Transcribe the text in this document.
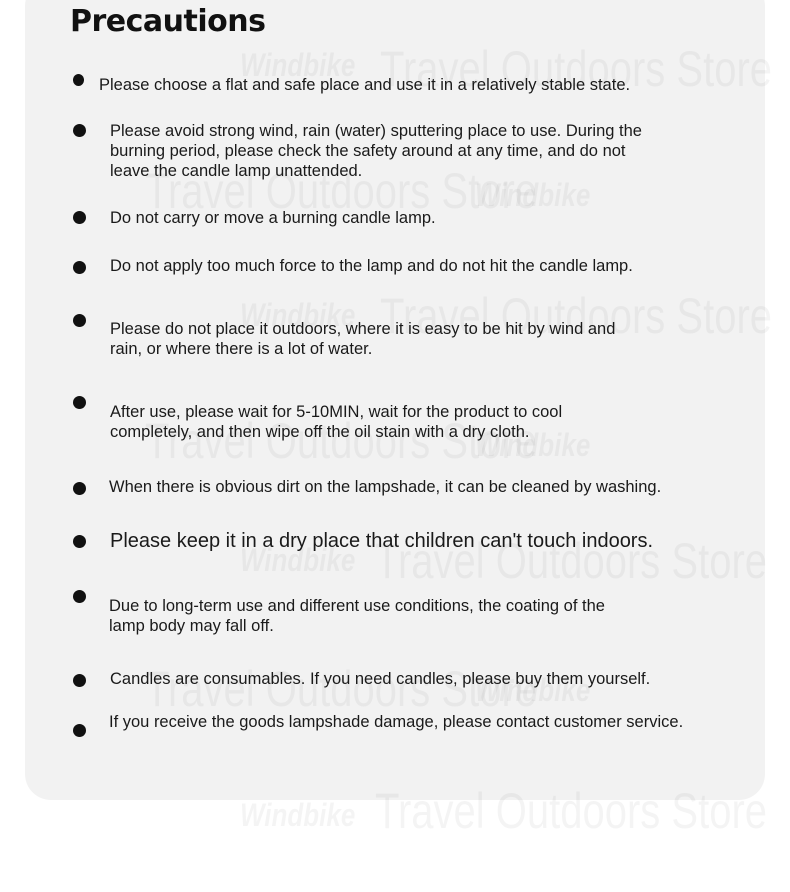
Precautions

Please choose a flat and safe place and use it in a relatively stable state.

Please avoid strong wind, rain (water) sputtering place to use. During the
burning period, please check the safety around at any time, and do not
leave the candle lamp unattended.

Do not carry or move a burning candle lamp.

Do not apply too much force to the lamp and do not hit the candle lamp.

Please do not place it outdoors, where it is easy to be hit by wind and
rain, or where there is a lot of water.

After use, please wait for 5-10MIN, wait for the product to cool
completely, and then wipe off the oil stain with a dry cloth.

When there is obvious dirt on the lampshade, it can be cleaned by washing.

Please keep it in a dry place that children can't touch indoors.

Due to long-term use and different use conditions, the coating of the
lamp body may fall off.

Candles are consumables. If you need candles, please buy them yourself.

If you receive the goods lampshade damage, please contact customer service.
